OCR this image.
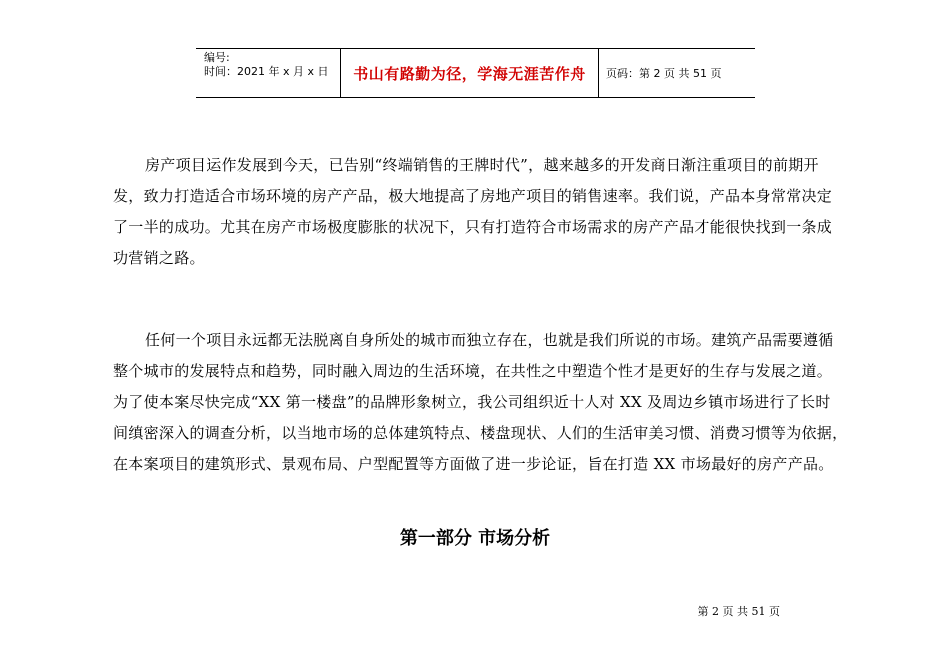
编号:
时间：2021 年 x 月 x 日	书山有路勤为径，学海无涯苦作舟 页码：第 2 页 共 51 页
房产项目运作发展到今天，已告别“终端销售的王牌时代”，越来越多的开发商日渐注重项目的前期开
发，致力打造适合市场环境的房产产品，极大地提高了房地产项目的销售速率。我们说，产品本身常常决定
了一半的成功。尤其在房产市场极度膨胀的状况下，只有打造符合市场需求的房产产品才能很快找到一条成
功营销之路。
任何一个项目永远都无法脱离自身所处的城市而独立存在，也就是我们所说的市场。建筑产品需要遵循
整个城市的发展特点和趋势，同时融入周边的生活环境，在共性之中塑造个性才是更好的生存与发展之道。
为了使本案尽快完成“XX 第一楼盘”的品牌形象树立，我公司组织近十人对 XX 及周边乡镇市场进行了长时
间缜密深入的调查分析，以当地市场的总体建筑特点、楼盘现状、人们的生活审美习惯、消费习惯等为依据，
在本案项目的建筑形式、景观布局、户型配置等方面做了进一步论证，旨在打造 XX 市场最好的房产产品。
第一部分 市场分析
第 2 页 共 51 页
